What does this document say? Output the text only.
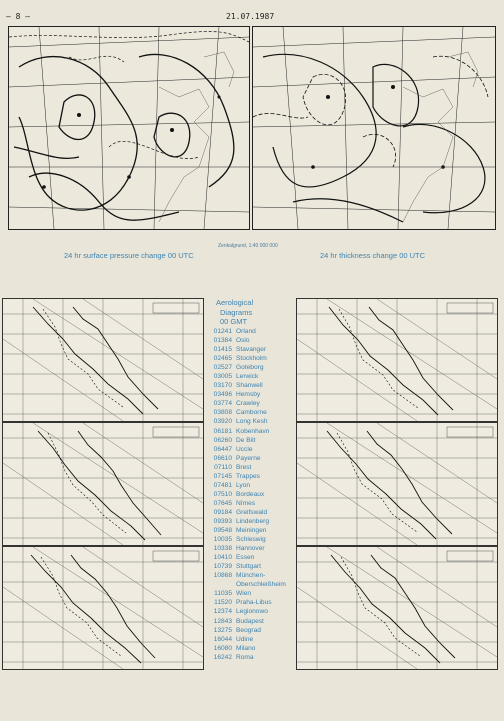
– 8 –	21.07.1987
Zenkalgrund, 1:40 000 000
24 hr surface pressure change 00 UTC	24 hr thickness change 00 UTC
Aerological
Diagrams
00 GMT
01241 Orland
01384 Oslo
01415 Stavanger
02465 Stockholm
02527 Goteborg
03005 Lerwick
03170 Shanwell
03496 Hemsby
03774 Crawley
03808 Camborne
03920 Long Kesh
06181 Kobenhavn
06260 De Bilt
06447 Uccle
06610 Payerne
07110 Brest
07145 Trappes
07481 Lyon
07510 Bordeaux
07645 Nîmes
09184 Greifswald
09393 Lindenberg
09548 Meiningen
10035 Schleswig
10338 Hannover
10410 Essen
10739 Stuttgart
10868 München-
Oberschleißheim
11035 Wien
11520 Praha-Libus
12374 Legionowo
12843 Budapest
13275 Beograd
16044 Udine
16080 Milano
16242 Roma
